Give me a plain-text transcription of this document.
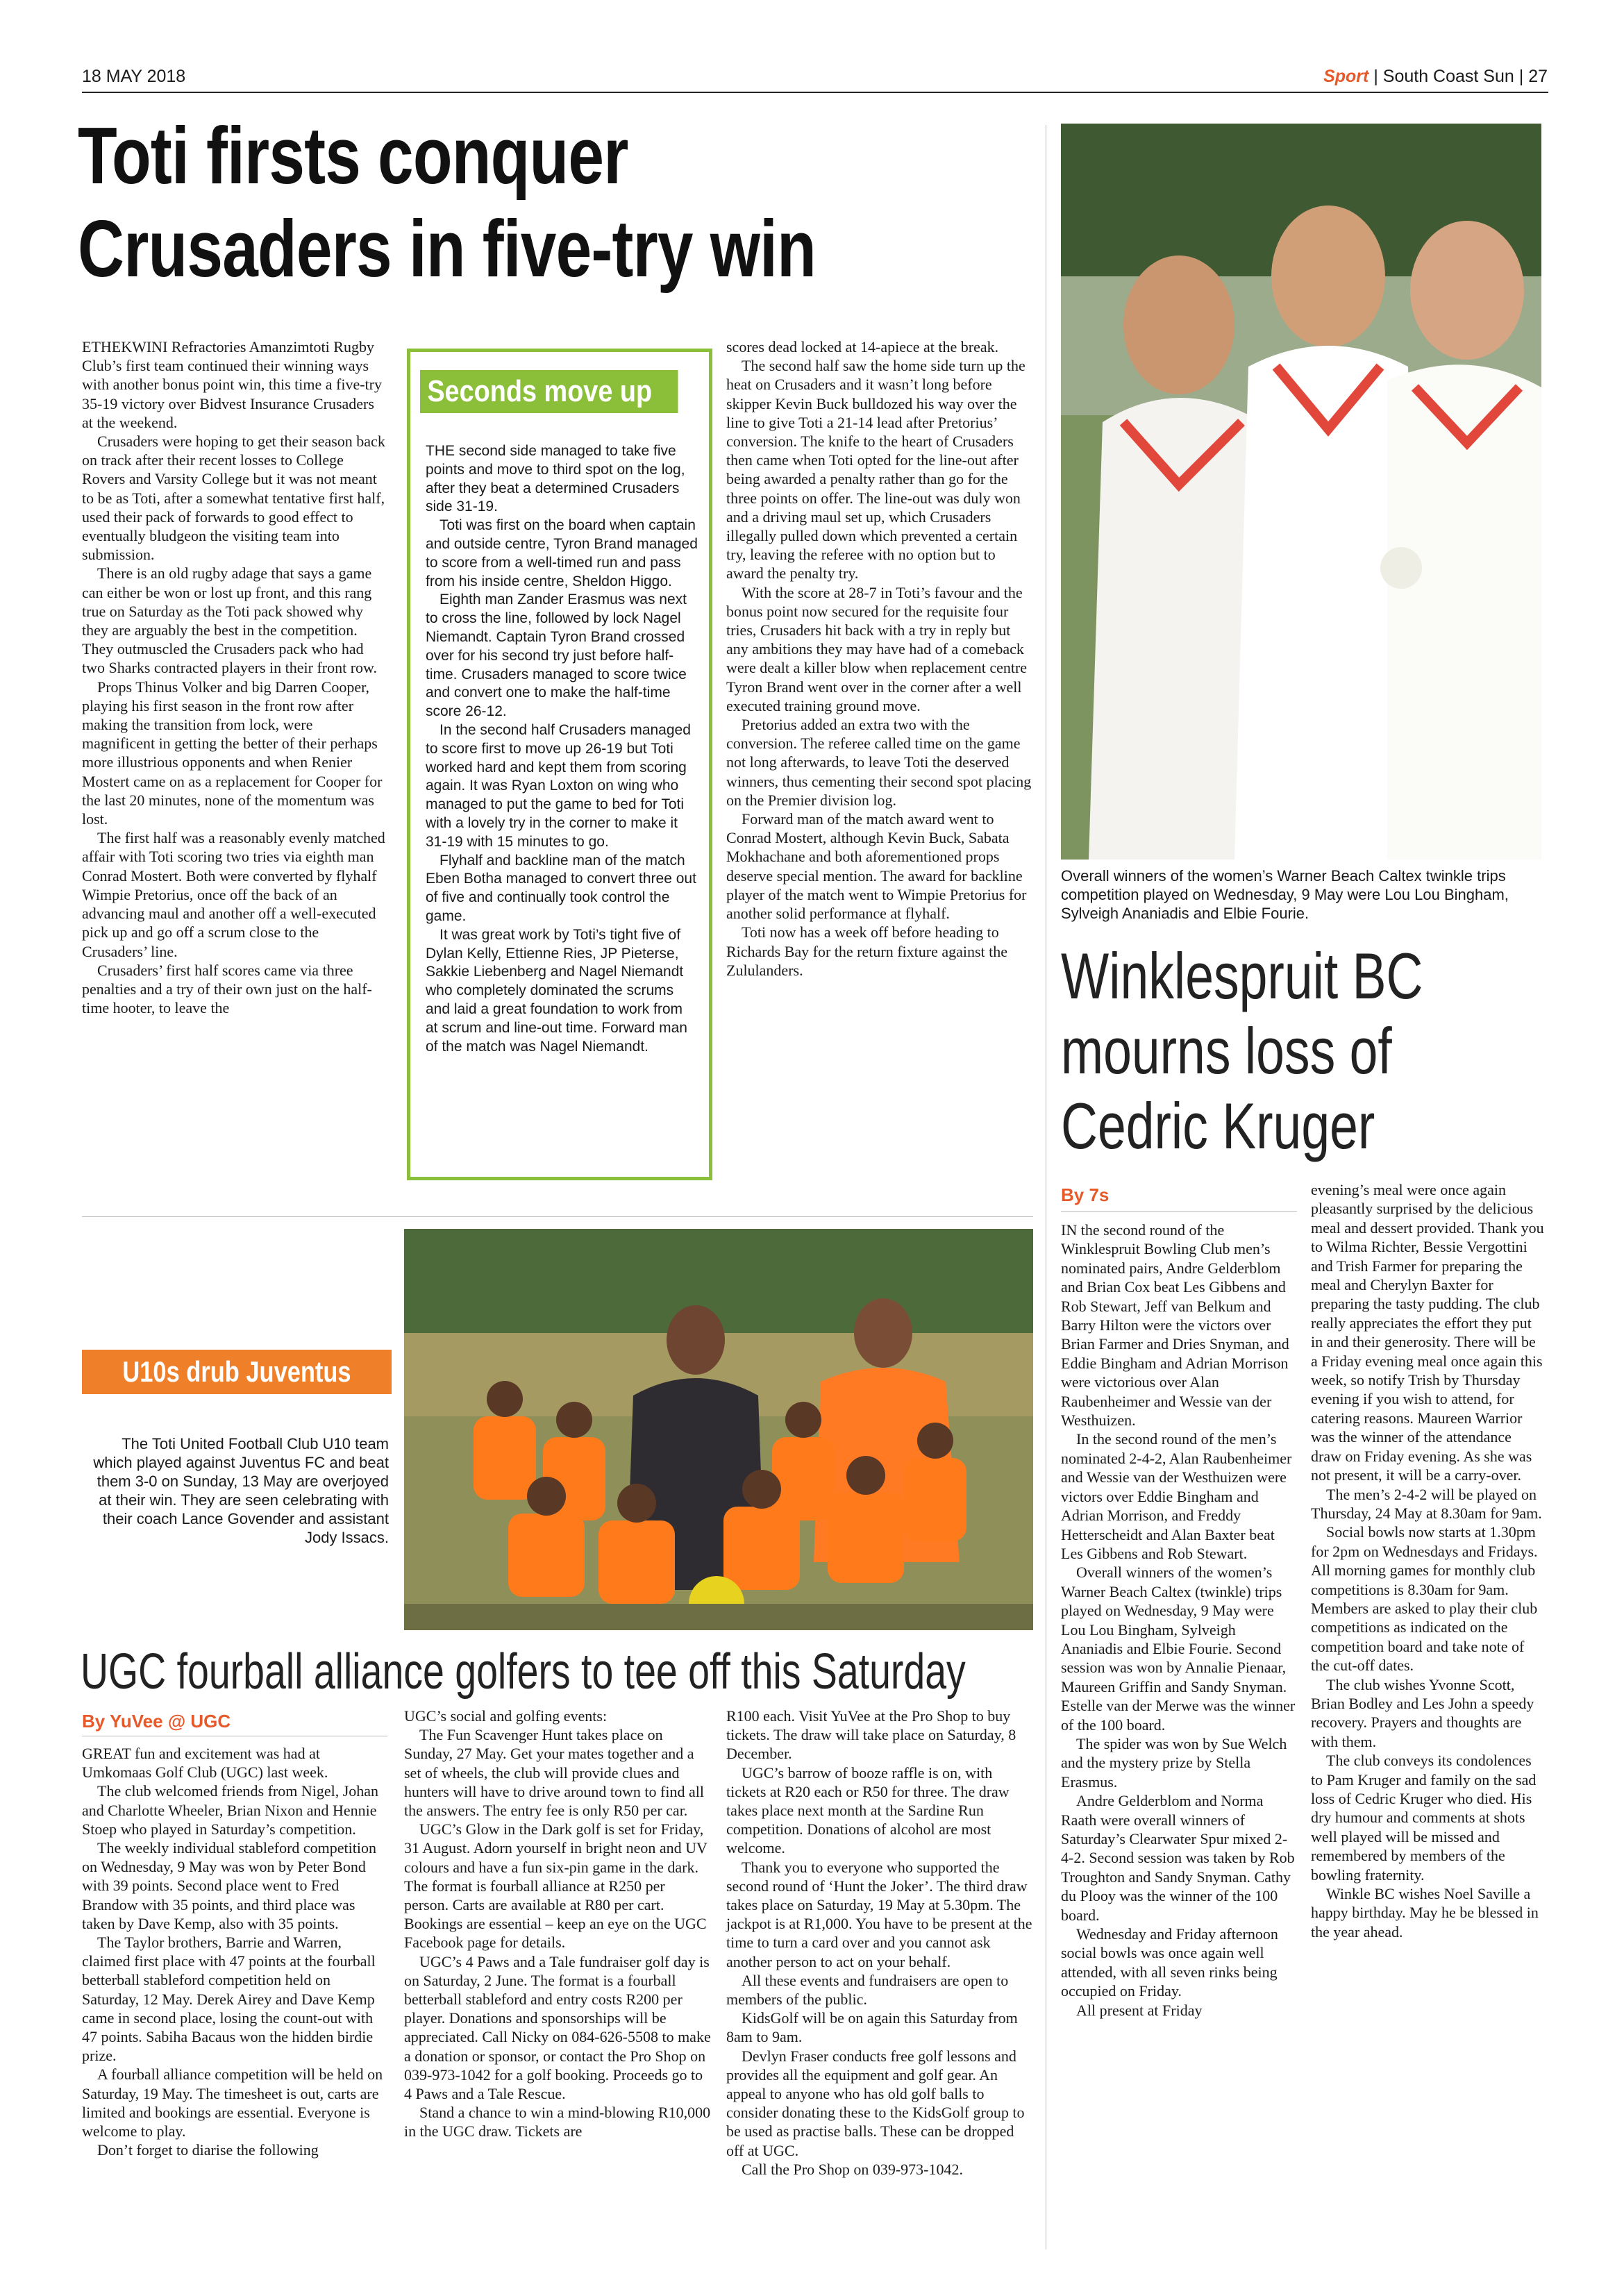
18 MAY 2018	Sport | South Coast Sun | 27
Toti firsts conquer
Crusaders in five-try win

ETHEKWINI Refractories Amanzimtoti Rugby Club’s first team continued their winning ways with another bonus point win, this time a five-try 35-19 victory over Bidvest Insurance Crusaders at the weekend.

Crusaders were hoping to get their season back on track after their recent losses to College Rovers and Varsity College but it was not meant to be as Toti, after a somewhat tentative first half, used their pack of forwards to good effect to eventually bludgeon the visiting team into submission.

There is an old rugby adage that says a game can either be won or lost up front, and this rang true on Saturday as the Toti pack showed why they are arguably the best in the competition. They outmuscled the Crusaders pack who had two Sharks contracted players in their front row.

Props Thinus Volker and big Darren Cooper, playing his first season in the front row after making the transition from lock, were magnificent in getting the better of their perhaps more illustrious opponents and when Renier Mostert came on as a replacement for Cooper for the last 20 minutes, none of the momentum was lost.

The first half was a reasonably evenly matched affair with Toti scoring two tries via eighth man Conrad Mostert. Both were converted by flyhalf Wimpie Pretorius, once off the back of an advancing maul and another off a well-executed pick up and go off a scrum close to the Crusaders’ line.

Crusaders’ first half scores came via three penalties and a try of their own just on the half-time hooter, to leave the

Seconds move up

THE second side managed to take five points and move to third spot on the log, after they beat a determined Crusaders side 31-19.

Toti was first on the board when captain and outside centre, Tyron Brand managed to score from a well-timed run and pass from his inside centre, Sheldon Higgo.

Eighth man Zander Erasmus was next to cross the line, followed by lock Nagel Niemandt. Captain Tyron Brand crossed over for his second try just before half-time. Crusaders managed to score twice and convert one to make the half-time score 26-12.

In the second half Crusaders managed to score first to move up 26-19 but Toti worked hard and kept them from scoring again. It was Ryan Loxton on wing who managed to put the game to bed for Toti with a lovely try in the corner to make it 31-19 with 15 minutes to go.

Flyhalf and backline man of the match Eben Botha managed to convert three out of five and continually took control the game.

It was great work by Toti’s tight five of Dylan Kelly, Ettienne Ries, JP Pieterse, Sakkie Liebenberg and Nagel Niemandt who completely dominated the scrums and laid a great foundation to work from at scrum and line-out time. Forward man of the match was Nagel Niemandt.

scores dead locked at 14-apiece at the break.

The second half saw the home side turn up the heat on Crusaders and it wasn’t long before skipper Kevin Buck bulldozed his way over the line to give Toti a 21-14 lead after Pretorius’ conversion. The knife to the heart of Crusaders then came when Toti opted for the line-out after being awarded a penalty rather than go for the three points on offer. The line-out was duly won and a driving maul set up, which Crusaders illegally pulled down which prevented a certain try, leaving the referee with no option but to award the penalty try.

With the score at 28-7 in Toti’s favour and the bonus point now secured for the requisite four tries, Crusaders hit back with a try in reply but any ambitions they may have had of a comeback were dealt a killer blow when replacement centre Tyron Brand went over in the corner after a well executed training ground move.

Pretorius added an extra two with the conversion. The referee called time on the game not long afterwards, to leave Toti the deserved winners, thus cementing their second spot placing on the Premier division log.

Forward man of the match award went to Conrad Mostert, although Kevin Buck, Sabata Mokhachane and both aforementioned props deserve special mention. The award for backline player of the match went to Wimpie Pretorius for another solid performance at flyhalf.

Toti now has a week off before heading to Richards Bay for the return fixture against the Zululanders.

Overall winners of the women’s Warner Beach Caltex twinkle trips competition played on Wednesday, 9 May were Lou Lou Bingham, Sylveigh Ananiadis and Elbie Fourie.
Winklespruit BC
mourns loss of
Cedric Kruger
By 7s

IN the second round of the Winklespruit Bowling Club men’s nominated pairs, Andre Gelderblom and Brian Cox beat Les Gibbens and Rob Stewart, Jeff van Belkum and Barry Hilton were the victors over Brian Farmer and Dries Snyman, and Eddie Bingham and Adrian Morrison were victorious over Alan Raubenheimer and Wessie van der Westhuizen.

In the second round of the men’s nominated 2-4-2, Alan Raubenheimer and Wessie van der Westhuizen were victors over Eddie Bingham and Adrian Morrison, and Freddy Hetterscheidt and Alan Baxter beat Les Gibbens and Rob Stewart.

Overall winners of the women’s Warner Beach Caltex (twinkle) trips played on Wednesday, 9 May were Lou Lou Bingham, Sylveigh Ananiadis and Elbie Fourie. Second session was won by Annalie Pienaar, Maureen Griffin and Sandy Snyman. Estelle van der Merwe was the winner of the 100 board.

The spider was won by Sue Welch and the mystery prize by Stella Erasmus.

Andre Gelderblom and Norma Raath were overall winners of Saturday’s Clearwater Spur mixed 2-4-2. Second session was taken by Rob Troughton and Sandy Snyman. Cathy du Plooy was the winner of the 100 board.

Wednesday and Friday afternoon social bowls was once again well attended, with all seven rinks being occupied on Friday.

All present at Friday

evening’s meal were once again pleasantly surprised by the delicious meal and dessert provided. Thank you to Wilma Richter, Bessie Vergottini and Trish Farmer for preparing the meal and Cherylyn Baxter for preparing the tasty pudding. The club really appreciates the effort they put in and their generosity. There will be a Friday evening meal once again this week, so notify Trish by Thursday evening if you wish to attend, for catering reasons. Maureen Warrior was the winner of the attendance draw on Friday evening. As she was not present, it will be a carry-over.

The men’s 2-4-2 will be played on Thursday, 24 May at 8.30am for 9am.

Social bowls now starts at 1.30pm for 2pm on Wednesdays and Fridays. All morning games for monthly club competitions is 8.30am for 9am. Members are asked to play their club competitions as indicated on the competition board and take note of the cut-off dates.

The club wishes Yvonne Scott, Brian Bodley and Les John a speedy recovery. Prayers and thoughts are with them.

The club conveys its condolences to Pam Kruger and family on the sad loss of Cedric Kruger who died. His dry humour and comments at shots well played will be missed and remembered by members of the bowling fraternity.

Winkle BC wishes Noel Saville a happy birthday. May he be blessed in the year ahead.

U10s drub Juventus
The Toti United Football Club U10 team which played against Juventus FC and beat them 3-0 on Sunday, 13 May are overjoyed at their win. They are seen celebrating with their coach Lance Govender and assistant Jody Issacs.
UGC fourball alliance golfers to tee off this Saturday
By YuVee @ UGC

GREAT fun and excitement was had at Umkomaas Golf Club (UGC) last week.

The club welcomed friends from Nigel, Johan and Charlotte Wheeler, Brian Nixon and Hennie Stoep who played in Saturday’s competition.

The weekly individual stableford competition on Wednesday, 9 May was won by Peter Bond with 39 points. Second place went to Fred Brandow with 35 points, and third place was taken by Dave Kemp, also with 35 points.

The Taylor brothers, Barrie and Warren, claimed first place with 47 points at the fourball betterball stableford competition held on Saturday, 12 May. Derek Airey and Dave Kemp came in second place, losing the count-out with 47 points. Sabiha Bacaus won the hidden birdie prize.

A fourball alliance competition will be held on Saturday, 19 May. The timesheet is out, carts are limited and bookings are essential. Everyone is welcome to play.

Don’t forget to diarise the following

UGC’s social and golfing events:

The Fun Scavenger Hunt takes place on Sunday, 27 May. Get your mates together and a set of wheels, the club will provide clues and hunters will have to drive around town to find all the answers. The entry fee is only R50 per car.

UGC’s Glow in the Dark golf is set for Friday, 31 August. Adorn yourself in bright neon and UV colours and have a fun six-pin game in the dark. The format is fourball alliance at R250 per person. Carts are available at R80 per cart. Bookings are essential – keep an eye on the UGC Facebook page for details.

UGC’s 4 Paws and a Tale fundraiser golf day is on Saturday, 2 June. The format is a fourball betterball stableford and entry costs R200 per player. Donations and sponsorships will be appreciated. Call Nicky on 084-626-5508 to make a donation or sponsor, or contact the Pro Shop on 039-973-1042 for a golf booking. Proceeds go to 4 Paws and a Tale Rescue.

Stand a chance to win a mind-blowing R10,000 in the UGC draw. Tickets are

R100 each. Visit YuVee at the Pro Shop to buy tickets. The draw will take place on Saturday, 8 December.

UGC’s barrow of booze raffle is on, with tickets at R20 each or R50 for three. The draw takes place next month at the Sardine Run competition. Donations of alcohol are most welcome.

Thank you to everyone who supported the second round of ‘Hunt the Joker’. The third draw takes place on Saturday, 19 May at 5.30pm. The jackpot is at R1,000. You have to be present at the time to turn a card over and you cannot ask another person to act on your behalf.

All these events and fundraisers are open to members of the public.

KidsGolf will be on again this Saturday from 8am to 9am.

Devlyn Fraser conducts free golf lessons and provides all the equipment and golf gear. An appeal to anyone who has old golf balls to consider donating these to the KidsGolf group to be used as practise balls. These can be dropped off at UGC.

Call the Pro Shop on 039-973-1042.
